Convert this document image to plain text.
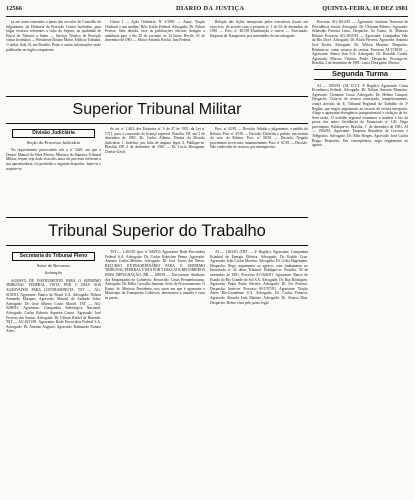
12566	DIARIO DA JUSTIÇA	QUINTA-FEIRA, 10 DEZ 1981

ça em autos remetidos a pauta das ses-sões do Conselho de Julgamento, da Diretoria de Proteção Contra Incêndios, para julgar recursos referentes a valor do Seguro, na qualidade de Fiscal de Tributos a Saber — Serviço Técnico de Proteção contra Incêndios — Presidente Doutor Mario, Edifício Tribunal, 1ª andar, Sala 10, em Brasília. Prazo e outras informações serão publicadas no órgão competente.

Classe I — Ação Ordinária. Nº 4/1981 — Autor: Viação Ottoboni e sua mulher; Réu: União Federal. Advogado: Dr. Nilson Pereira. Sem dúvida, face às publicações oficiais, designo a audiência para o dia 28 do corrente, às 14 horas. Recife, 01 de dezembro de 1981 — Marco Antonio Rocha, Juiz Federal.

Relação das Ações interpostas pelos executivos fiscais em exercício, de acordo com a portaria nº 1 de 02 de dezembro de 1981 — Proc. nº 481/81-Distribuição e outros — Executado: Empresa de Transportes, por intermédio de seu advogado.

Superior Tribunal Militar
Divisão Judiciária
Seção do Processo Judiciário

No requerimento protocolado sob o nº 3449, em que o Doutor Manoel da Silva Pereira, Ministro do Superior Tribunal Militar, requer seja dado vista dos autos do processo referente à sua aposentadoria, foi proferido o seguinte despacho: Junte-se e arquive-se.

do art. nº 1.402, dos Estatutos nº 1ª de 27 de 1951, da Lei nº 1711, para a concessão de licença especial. Brasília, DF, em 2 de dezembro de 1981. Dr. Carlos Alberto, Diretor da Divisão Judiciária. 1. Indefiro, por falta de amparo legal. 2. Publique-se. Brasília, DF, 2 de dezembro de 1981 — Dr. Lucio Doorgame, Diretor-Geral.

Proc. nº 42/81 — Decisão: Adiado o julgamento, a pedido do Relator. Proc. nº 45/81 — Decisão: Deferido o pedido, nos termos do voto do Relator. Proc. nº 58/81 — Decisão: Negado provimento ao recurso, unanimemente. Proc. nº 61/81 — Decisão: Não conhecido do recurso, por intempestivo.

Tribunal Superior do Trabalho
Secretaria do Tribunal Pleno
Setor de Recursos
Intimação

AGRAVO DE INSTRUMENTO PARA O SUPREMO TRIBUNAL FEDERAL VISTA POR 5 DIAS AOS AGRAVADOS PARA CONTRAMINUTA. TST — AG-0103/81. Agravante: Banco do Brasil S.A. Advogado: Nelson Armando Marques. Agravado: Manoel de Andrade Silva. Advogado: Dr. José Alberto Couto Maciel. TST — AG-0208/81. Agravante: Companhia Siderúrgica Nacional. Advogado: Carlos Roberto Siqueira Castro. Agravado: José Ferreira dos Santos. Advogado: Dr. Ulisses Riedel de Resende. TST — AG-0211/81. Agravante: Rede Ferroviária Federal S.A. Advogado: Dr. Antonio Augusto. Agravado: Raimundo Nonato Alves.

TST — 1.265/81 (por. nº 500/81). Agravante: Rede Ferroviária Federal S.A. Advogado: Dr. Carlos Robichez Penna. Agravado: Antonio Carlos Mendes. Advogado: Dr. José Torres das Neves. RECURSO EXTRAORDINÁRIO PARA O SUPREMO TRIBUNAL FEDERAL VISTA POR 5 DIAS AOS RECORRIDOS PARA IMPUGNAÇÃO. RR — 689/81 — Recorrente: Sindicato dos Empregados no Comércio. Recorrido: Casas Pernambucanas. Advogado: Dr. Hélio Carvalho Santana. Setor de Processamento. O Exmo. Sr. Ministro Presidente, nos autos em que é agravante o Município de Transportes Coletivos, determinou a juntada e vista às partes.

AI — 1691/81 (TRT — 4ª Região). Agravante: Companhia Estadual de Energia Elétrica. Advogado: Dr. Eraldo Cruz. Agravado: João Carlos Moreira. Advogado: Dr. Celso Hagemann. Despacho: Nego seguimento ao agravo, com fundamento no Enunciado nº 42 deste Tribunal. Publique-se. Brasília, 30 de novembro de 1981. Processo AI-1692/81. Agravante: Banco do Estado do Rio Grande do Sul S.A. Advogado: Dr. Ruy Rodrigues. Agravado: Pedro Paulo Silveira. Advogado: Dr. Ivo Ferreira. Despacho: Junte-se. Processo AI-1707/81. Agravante: Viação Aérea Rio-Grandense S.A. Advogado: Dr. Carlos Fonseca. Agravado: Ricardo Luiz Martins. Advogado: Dr. Afonso Dias. Despacho: Defiro vista pelo prazo legal.

Processo AG-1612/81 — Agravante: Instituto Nacional de Previdência Social. Advogado: Dr. Ubiratan Ribeiro. Agravado: Sebastião Ferreira Lima. Despacho: Ao Exmo. Sr. Ministro Relator. Processo AG-1655/81 — Agravante: Companhia Vale do Rio Doce. Advogado: Dr. Paulo Ferreira. Agravado: Antonio José Rocha. Advogado: Dr. Wilson Mariano. Despacho: Reautue-se, como recurso de revista. Processo AI-1740/81 — Agravante: Banco Itaú S.A. Advogado: Dr. Ronaldo Cunha. Agravado: Marcos Vinícius Prado. Despacho: Prossiga-se. Brasília, 2 de dezembro de 1981. Lucio Doorgame, Diretor.

Segunda Turma

AI — 1903/81. (AI. D.T.T. 3ª Região). Agravante: Caixa Econômica Federal. Advogado: Dr. Nelson Antonio Monteiro. Agravado: Clemente Costa. Advogado: Dr. Helena Campos. Despacho. Trata-se de recurso autorizado, tempestivamente, contra decisão do E. Tribunal Regional do Trabalho da 3ª Região, que negou seguimento ao recurso de revista interposto. Alega o agravante divergência jurisprudencial e violação de lei. Sem razão. O acórdão regional examinou a matéria à luz da prova dos autos. Incidência do Enunciado nº 126. Nego provimento. Publique-se. Brasília, 1º de dezembro de 1981. AI — 1904/81. Agravante: Empresa Brasileira de Correios e Telégrafos. Advogado: Dr. Aldo Borges. Agravado: José Carlos Braga. Despacho: Em conseqüência, nego seguimento ao agravo.
